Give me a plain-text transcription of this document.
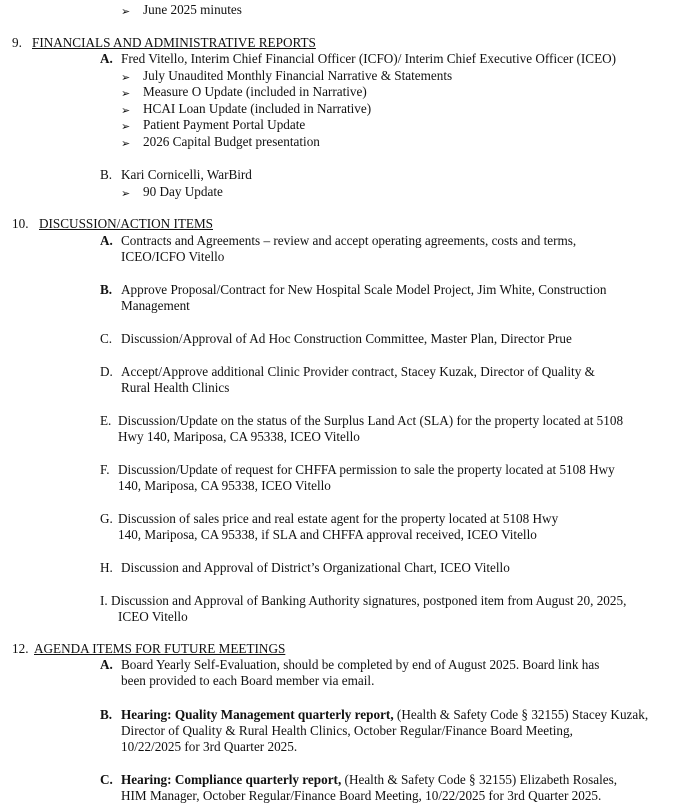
➢ June 2025 minutes
9. FINANCIALS AND ADMINISTRATIVE REPORTS
A. Fred Vitello, Interim Chief Financial Officer (ICFO)/ Interim Chief Executive Officer (ICEO)
➢ July Unaudited Monthly Financial Narrative & Statements
➢ Measure O Update (included in Narrative)
➢ HCAI Loan Update (included in Narrative)
➢ Patient Payment Portal Update
➢ 2026 Capital Budget presentation
B. Kari Cornicelli, WarBird
➢ 90 Day Update
10. DISCUSSION/ACTION ITEMS
A. Contracts and Agreements – review and accept operating agreements, costs and terms,
ICEO/ICFO Vitello
B. Approve Proposal/Contract for New Hospital Scale Model Project, Jim White, Construction
Management
C. Discussion/Approval of Ad Hoc Construction Committee, Master Plan, Director Prue
D. Accept/Approve additional Clinic Provider contract, Stacey Kuzak, Director of Quality &
Rural Health Clinics
E. Discussion/Update on the status of the Surplus Land Act (SLA) for the property located at 5108
Hwy 140, Mariposa, CA 95338, ICEO Vitello
F. Discussion/Update of request for CHFFA permission to sale the property located at 5108 Hwy
140, Mariposa, CA 95338, ICEO Vitello
G. Discussion of sales price and real estate agent for the property located at 5108 Hwy
140, Mariposa, CA 95338, if SLA and CHFFA approval received, ICEO Vitello
H. Discussion and Approval of District’s Organizational Chart, ICEO Vitello
I. Discussion and Approval of Banking Authority signatures, postponed item from August 20, 2025,
ICEO Vitello
12. AGENDA ITEMS FOR FUTURE MEETINGS
A. Board Yearly Self-Evaluation, should be completed by end of August 2025. Board link has
been provided to each Board member via email.
B. Hearing: Quality Management quarterly report, (Health & Safety Code § 32155) Stacey Kuzak,
Director of Quality & Rural Health Clinics, October Regular/Finance Board Meeting,
10/22/2025 for 3rd Quarter 2025.
C. Hearing: Compliance quarterly report, (Health & Safety Code § 32155) Elizabeth Rosales,
HIM Manager, October Regular/Finance Board Meeting, 10/22/2025 for 3rd Quarter 2025.
